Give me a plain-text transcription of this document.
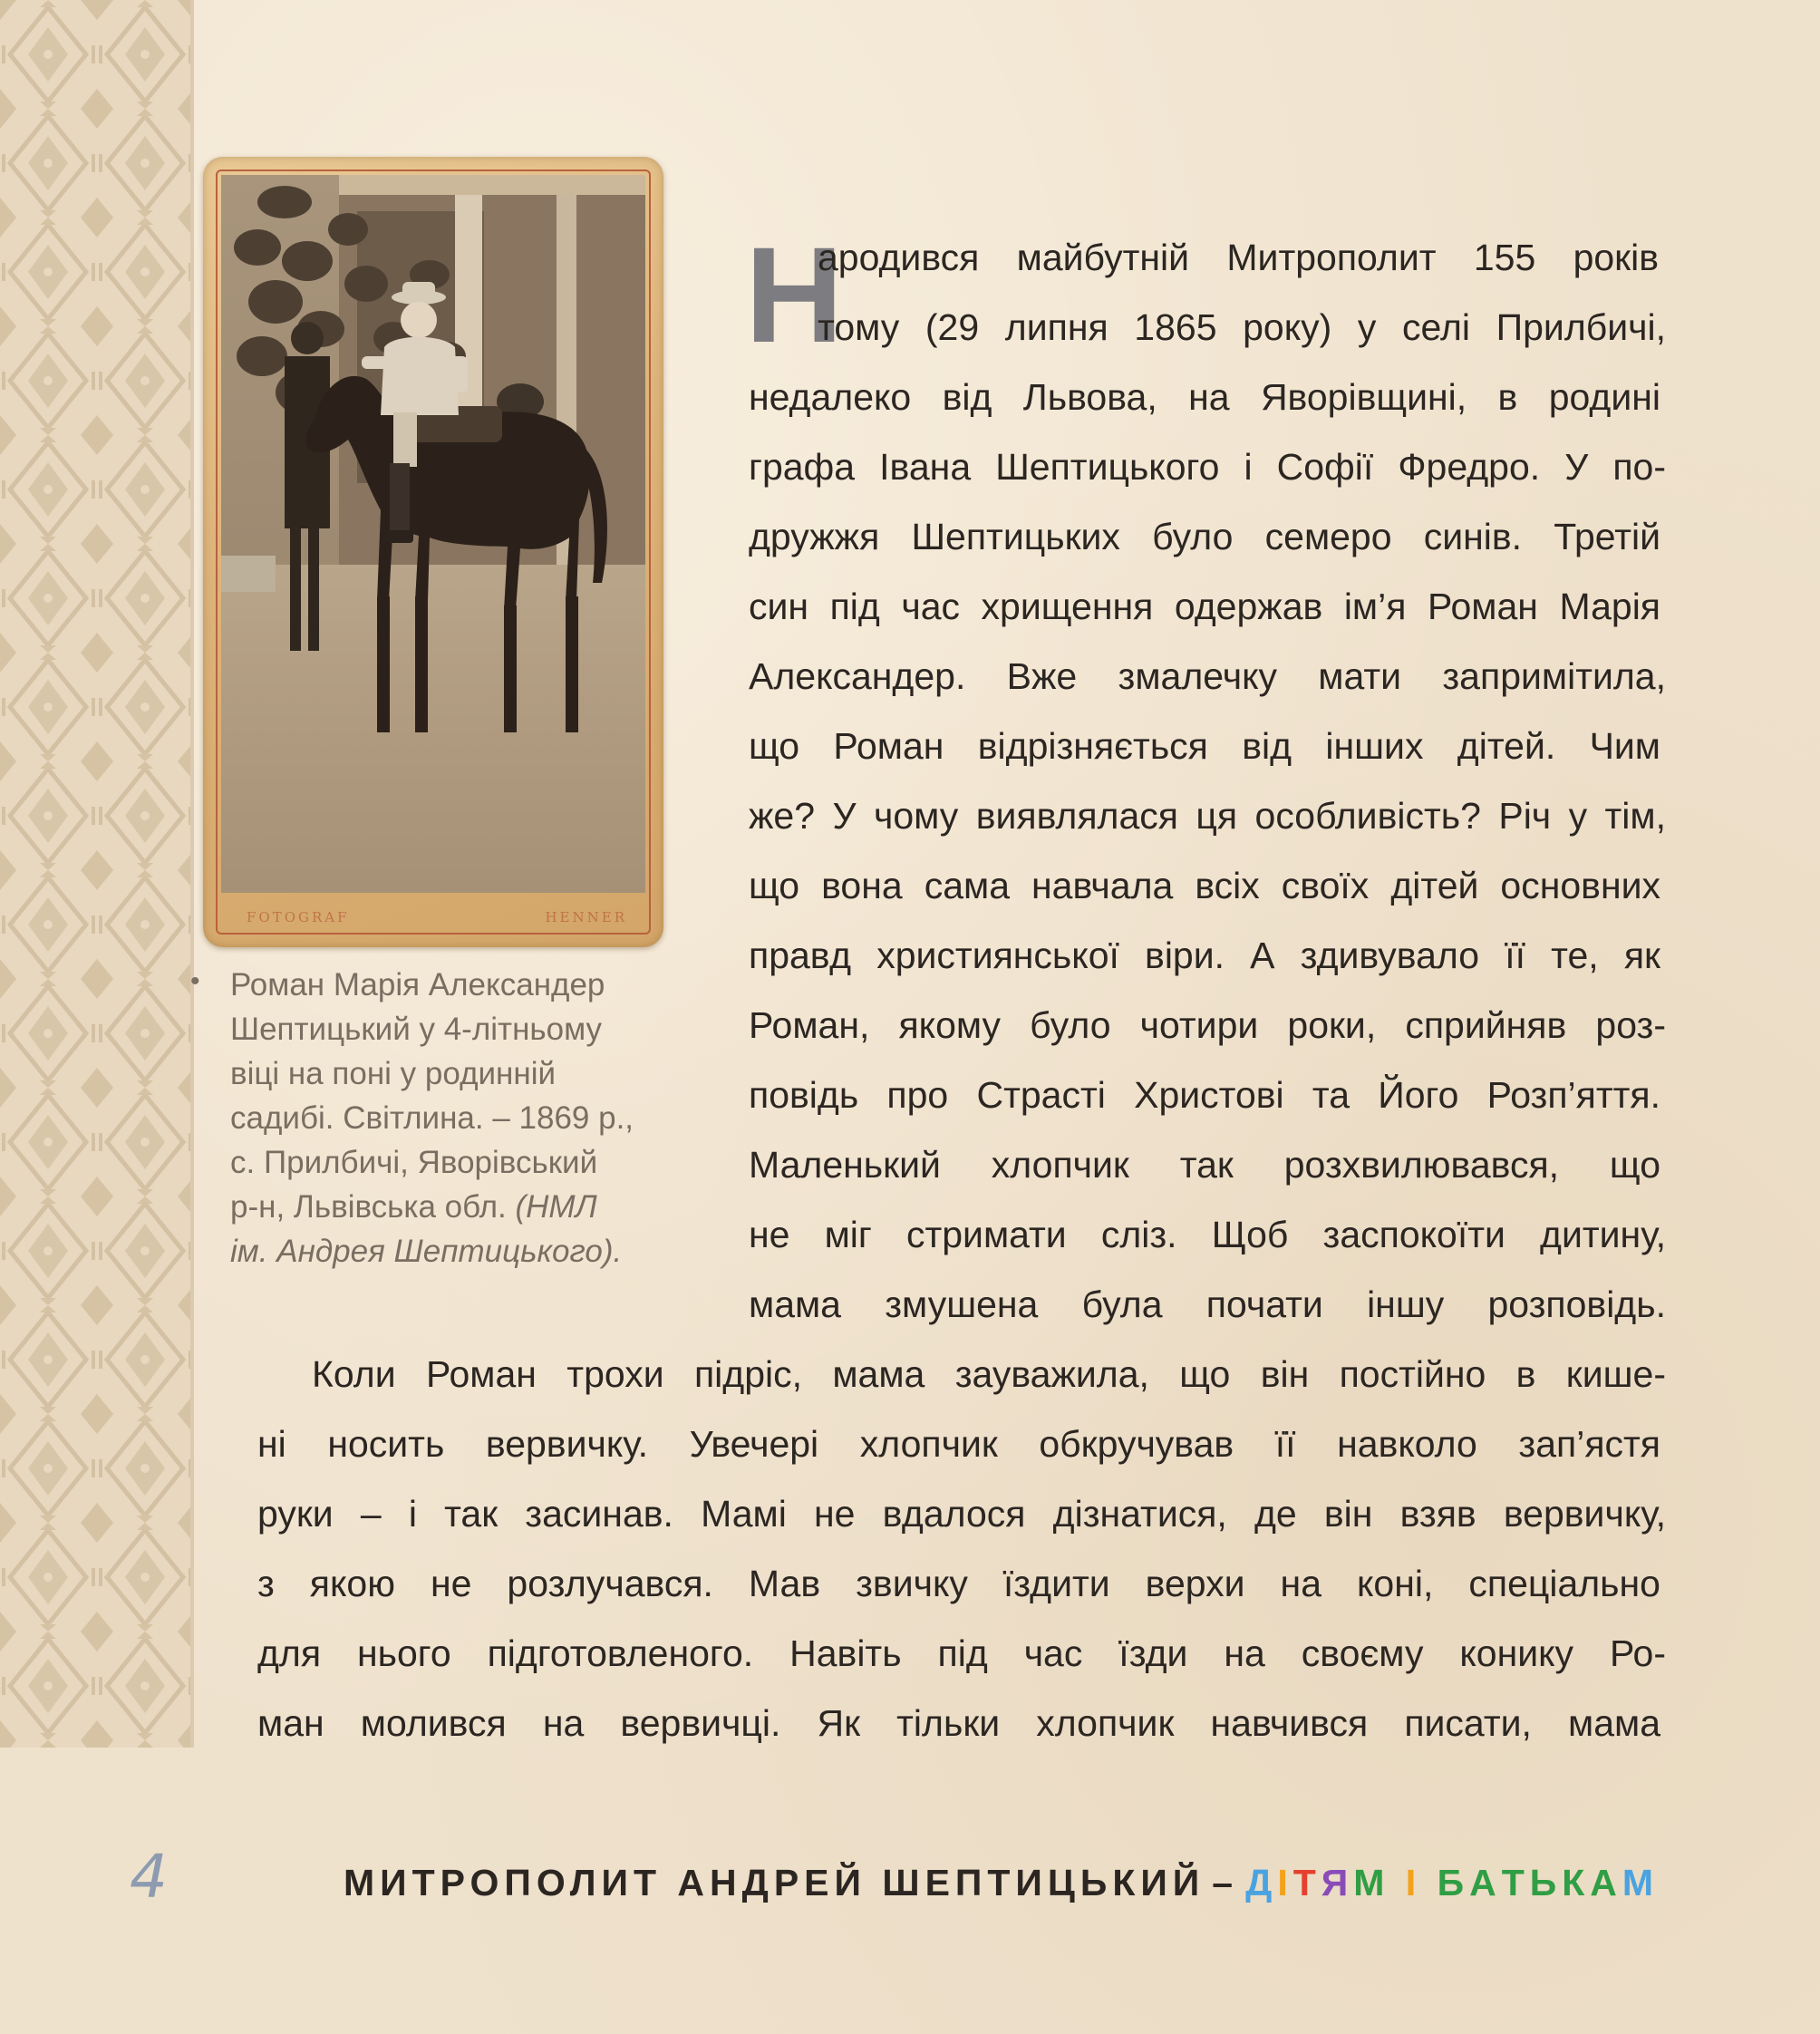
FOTOGRAF	HENNER
• Роман Марія Александер
Шептицький у 4-літньому
віці на поні у родинній
садибі. Світлина. – 1869 р.,
с. Прилбичі, Яворівський
р-н, Львівська обл. (НМЛ
ім. Андрея Шептицького).
Н
ародився майбутній Митрополит 155 років
тому (29 липня 1865 року) у селі Прилбичі,
недалеко від Львова, на Яворівщині, в родині
графа Івана Шептицького і Софії Фредро. У по-
дружжя Шептицьких було семеро синів. Третій
син під час хрищення одержав ім’я Роман Марія
Александер. Вже змалечку мати запримітила,
що Роман відрізняється від інших дітей. Чим
же? У чому виявлялася ця особливість? Річ у тім,
що вона сама навчала всіх своїх дітей основних
правд християнської віри. А здивувало її те, як
Роман, якому було чотири роки, сприйняв роз-
повідь про Страсті Христові та Його Розп’яття.
Маленький хлопчик так розхвилювався, що
не міг стримати сліз. Щоб заспокоїти дитину,
мама змушена була почати іншу розповідь.
Коли Роман трохи підріс, мама зауважила, що він постійно в кише-
ні носить вервичку. Увечері хлопчик обкручував її навколо зап’ястя
руки – і так засинав. Мамі не вдалося дізнатися, де він взяв вервичку,
з якою не розлучався. Мав звичку їздити верхи на коні, спеціально
для нього підготовленого. Навіть під час їзди на своєму конику Ро-
ман молився на вервичці. Як тільки хлопчик навчився писати, мама
4	МИТРОПОЛИТ АНДРЕЙ ШЕПТИЦЬКИЙ – ДІТЯМ І БАТЬКАМ
